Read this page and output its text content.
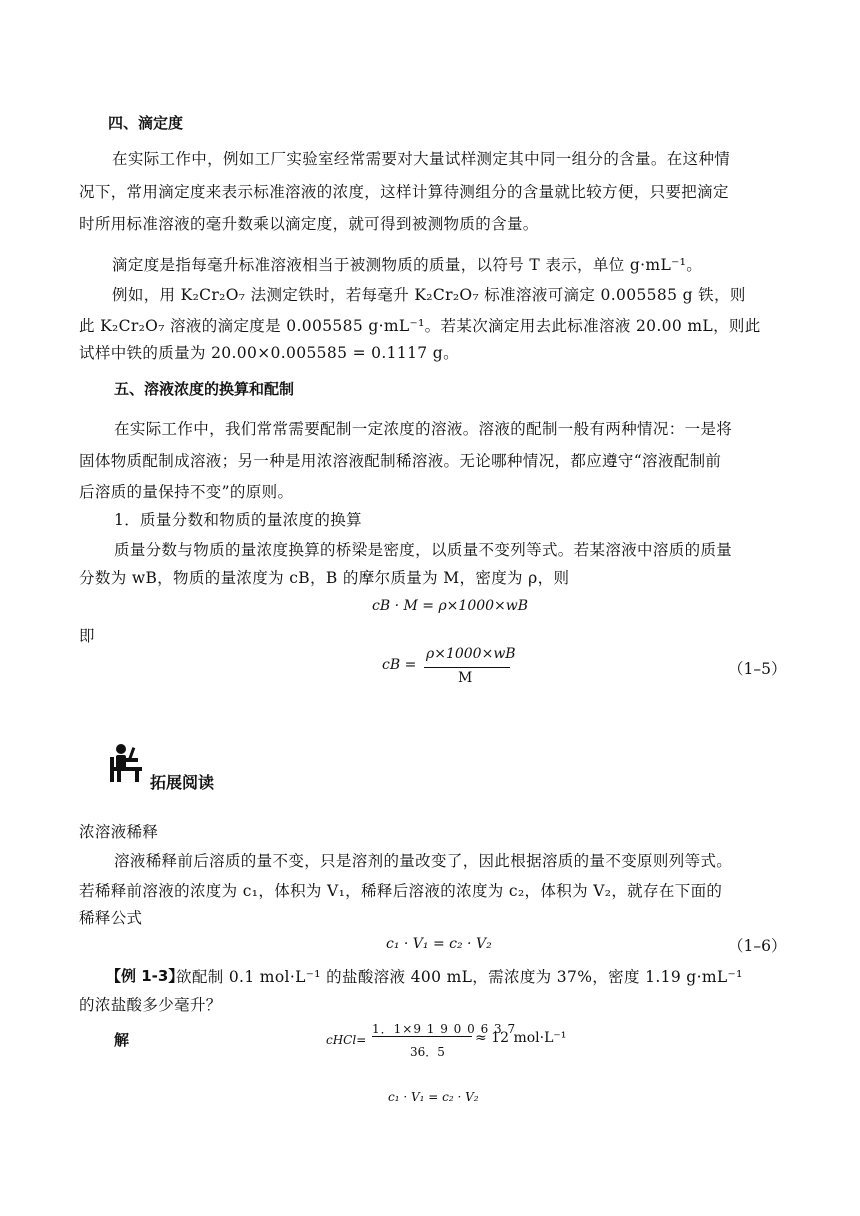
四、滴定度
在实际工作中，例如工厂实验室经常需要对大量试样测定其中同一组分的含量。在这种情
况下，常用滴定度来表示标准溶液的浓度，这样计算待测组分的含量就比较方便，只要把滴定
时所用标准溶液的毫升数乘以滴定度，就可得到被测物质的含量。
滴定度是指每毫升标准溶液相当于被测物质的质量，以符号 T 表示，单位 g·mL⁻¹。
例如，用 K₂Cr₂O₇ 法测定铁时，若每毫升 K₂Cr₂O₇ 标准溶液可滴定 0.005585 g 铁，则
此 K₂Cr₂O₇ 溶液的滴定度是 0.005585 g·mL⁻¹。若某次滴定用去此标准溶液 20.00 mL，则此
试样中铁的质量为 20.00×0.005585 = 0.1117 g。
五、溶液浓度的换算和配制
在实际工作中，我们常常需要配制一定浓度的溶液。溶液的配制一般有两种情况：一是将
固体物质配制成溶液；另一种是用浓溶液配制稀溶液。无论哪种情况，都应遵守“溶液配制前
后溶质的量保持不变”的原则。
1．质量分数和物质的量浓度的换算
质量分数与物质的量浓度换算的桥梁是密度，以质量不变列等式。若某溶液中溶质的质量
分数为 wB，物质的量浓度为 cB，B 的摩尔质量为 M，密度为 ρ，则
cB · M = ρ×1000×wB
即
cB =
ρ×1000×wB
M	（1–5）
拓展阅读
浓溶液稀释
溶液稀释前后溶质的量不变，只是溶剂的量改变了，因此根据溶质的量不变原则列等式。
若稀释前溶液的浓度为 c₁，体积为 V₁，稀释后溶液的浓度为 c₂，体积为 V₂，就存在下面的
稀释公式
c₁ · V₁ = c₂ · V₂	（1–6）
【例 1-3】
欲配制 0.1 mol·L⁻¹ 的盐酸溶液 400 mL，需浓度为 37%，密度 1.19 g·mL⁻¹
的浓盐酸多少毫升？
解	cHCl=
1．1×9 1 9 0 0 6 3 7
36．5
≈ 12 mol·L⁻¹
c₁ · V₁ = c₂ · V₂
